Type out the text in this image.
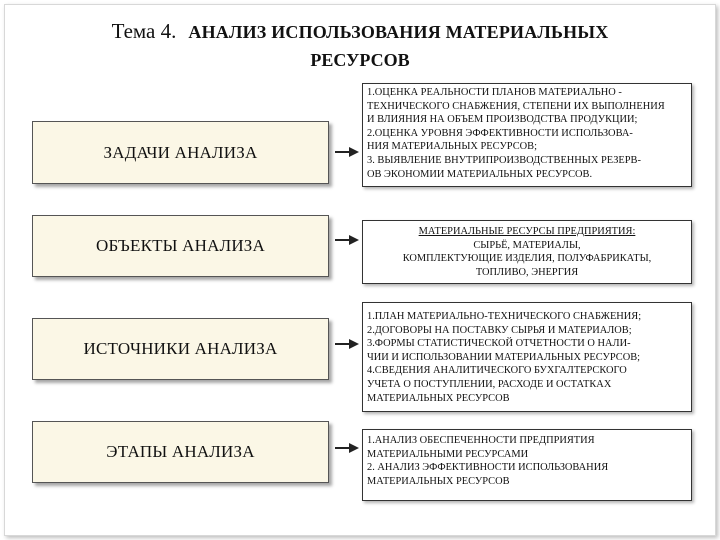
Тема 4. АНАЛИЗ ИСПОЛЬЗОВАНИЯ МАТЕРИАЛЬНЫХ
РЕСУРСОВ
ЗАДАЧИ АНАЛИЗА
1.ОЦЕНКА РЕАЛЬНОСТИ ПЛАНОВ МАТЕРИАЛЬНО -
ТЕХНИЧЕСКОГО СНАБЖЕНИЯ, СТЕПЕНИ ИХ ВЫПОЛНЕНИЯ
И ВЛИЯНИЯ НА ОБЪЕМ ПРОИЗВОДСТВА ПРОДУКЦИИ;
2.ОЦЕНКА УРОВНЯ ЭФФЕКТИВНОСТИ ИСПОЛЬЗОВА-
НИЯ МАТЕРИАЛЬНЫХ РЕСУРСОВ;
3. ВЫЯВЛЕНИЕ ВНУТРИПРОИЗВОДСТВЕННЫХ РЕЗЕРВ-
ОВ ЭКОНОМИИ МАТЕРИАЛЬНЫХ РЕСУРСОВ.
ОБЪЕКТЫ АНАЛИЗА
МАТЕРИАЛЬНЫЕ РЕСУРСЫ ПРЕДПРИЯТИЯ:
СЫРЬЁ, МАТЕРИАЛЫ,
КОМПЛЕКТУЮЩИЕ ИЗДЕЛИЯ, ПОЛУФАБРИКАТЫ,
ТОПЛИВО, ЭНЕРГИЯ
ИСТОЧНИКИ АНАЛИЗА
1.ПЛАН МАТЕРИАЛЬНО-ТЕХНИЧЕСКОГО СНАБЖЕНИЯ;
2.ДОГОВОРЫ НА ПОСТАВКУ СЫРЬЯ И МАТЕРИАЛОВ;
3.ФОРМЫ СТАТИСТИЧЕСКОЙ ОТЧЕТНОСТИ О НАЛИ-
ЧИИ И ИСПОЛЬЗОВАНИИ МАТЕРИАЛЬНЫХ РЕСУРСОВ;
4.СВЕДЕНИЯ АНАЛИТИЧЕСКОГО БУХГАЛТЕРСКОГО
УЧЕТА О ПОСТУПЛЕНИИ, РАСХОДЕ И ОСТАТКАХ
МАТЕРИАЛЬНЫХ РЕСУРСОВ
ЭТАПЫ АНАЛИЗА
1.АНАЛИЗ ОБЕСПЕЧЕННОСТИ ПРЕДПРИЯТИЯ
МАТЕРИАЛЬНЫМИ РЕСУРСАМИ
2. АНАЛИЗ ЭФФЕКТИВНОСТИ ИСПОЛЬЗОВАНИЯ
МАТЕРИАЛЬНЫХ РЕСУРСОВ
